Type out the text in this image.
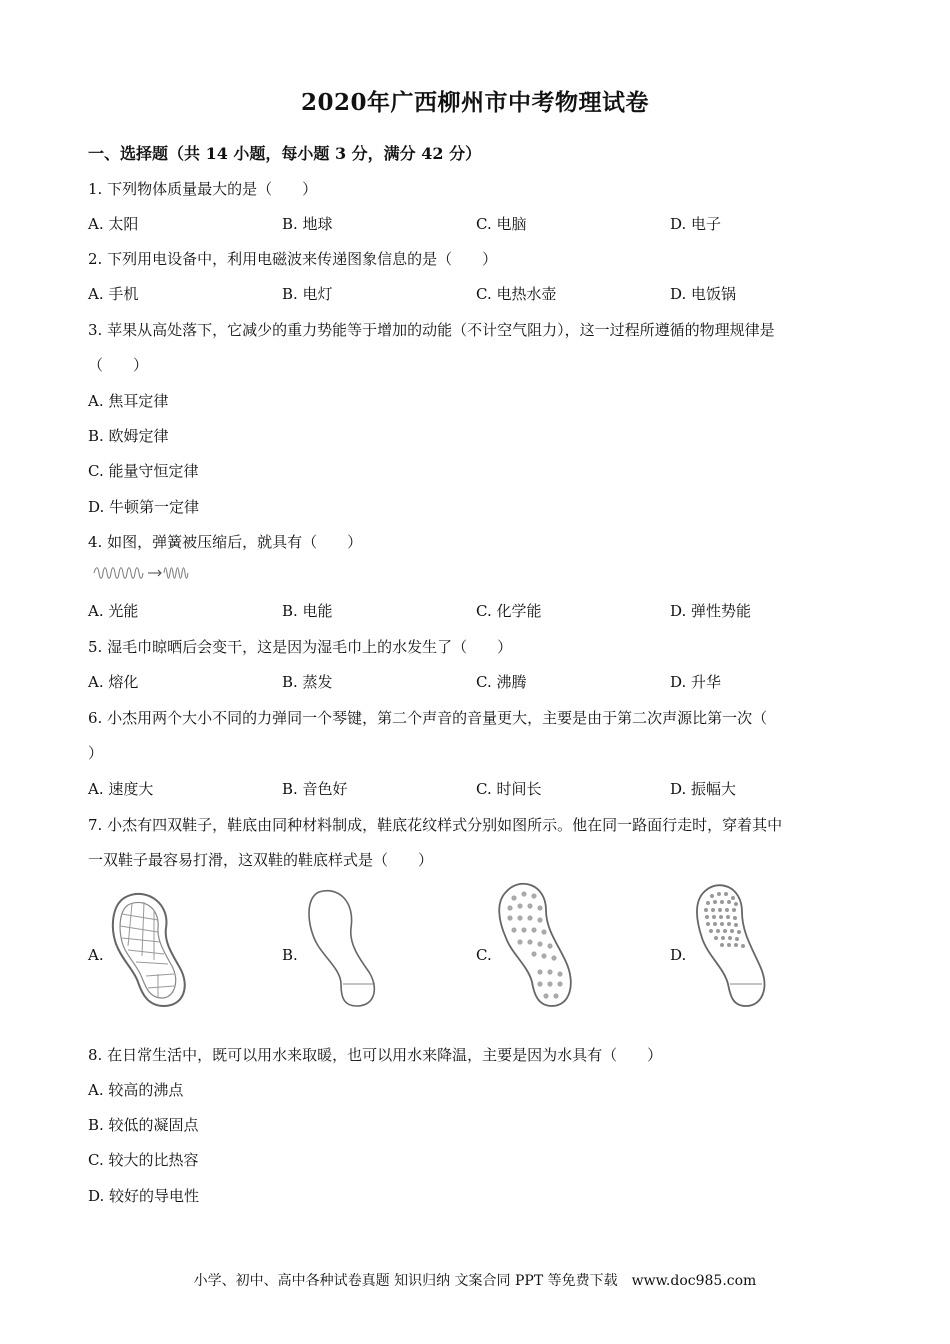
2020年广西柳州市中考物理试卷
一、选择题（共 14 小题，每小题 3 分，满分 42 分）
1. 下列物体质量最大的是（　　）
A. 太阳	B. 地球	C. 电脑	D. 电子
2. 下列用电设备中，利用电磁波来传递图象信息的是（　　）
A. 手机	B. 电灯	C. 电热水壶	D. 电饭锅
3. 苹果从高处落下，它减少的重力势能等于增加的动能（不计空气阻力），这一过程所遵循的物理规律是
（　　）
A. 焦耳定律
B. 欧姆定律
C. 能量守恒定律
D. 牛顿第一定律
4. 如图，弹簧被压缩后，就具有（　　）
A. 光能	B. 电能	C. 化学能	D. 弹性势能
5. 湿毛巾晾晒后会变干，这是因为湿毛巾上的水发生了（　　）
A. 熔化	B. 蒸发	C. 沸腾	D. 升华
6. 小杰用两个大小不同的力弹同一个琴键，第二个声音的音量更大，主要是由于第二次声源比第一次（
）
A. 速度大	B. 音色好	C. 时间长	D. 振幅大
7. 小杰有四双鞋子，鞋底由同种材料制成，鞋底花纹样式分别如图所示。他在同一路面行走时，穿着其中
一双鞋子最容易打滑，这双鞋的鞋底样式是（　　）
A.	B.	C.	D.
8. 在日常生活中，既可以用水来取暖，也可以用水来降温，主要是因为水具有（　　）
A. 较高的沸点
B. 较低的凝固点
C. 较大的比热容
D. 较好的导电性
小学、初中、高中各种试卷真题 知识归纳 文案合同 PPT 等免费下载　www.doc985.com
